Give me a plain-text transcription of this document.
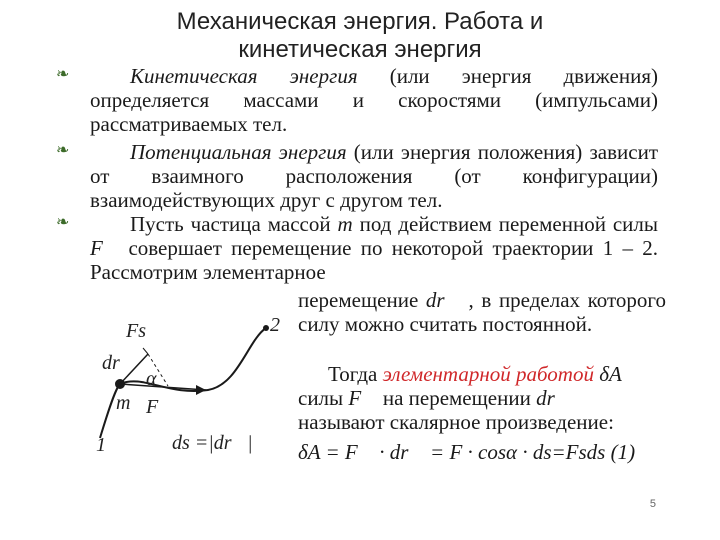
Механическая энергия. Работа и
кинетическая энергия
❧	Кинетическая энергия (или энергия движения) определяется массами и скоростями (импульсами) рассматриваемых тел.
❧	Потенциальная энергия (или энергия положения) зависит от взаимного расположения (от конфигурации) взаимодействующих друг с другом тел.
❧	Пусть частица массой m под действием переменной силы F⃗ совершает перемещение по некоторой траектории 1 – 2. Рассмотрим элементарное
перемещение dr⃗ , в пределах которого силу можно считать постоянной.
Тогда элементарной работой δA
силы F⃗ на перемещении dr⃗
называют скалярное произведение:
δA = F⃗ · dr⃗ = F · cosα · ds=Fsds (1)
Fs
dr⃗
α
m F⃗
1
2
ds =|dr⃗|
5
